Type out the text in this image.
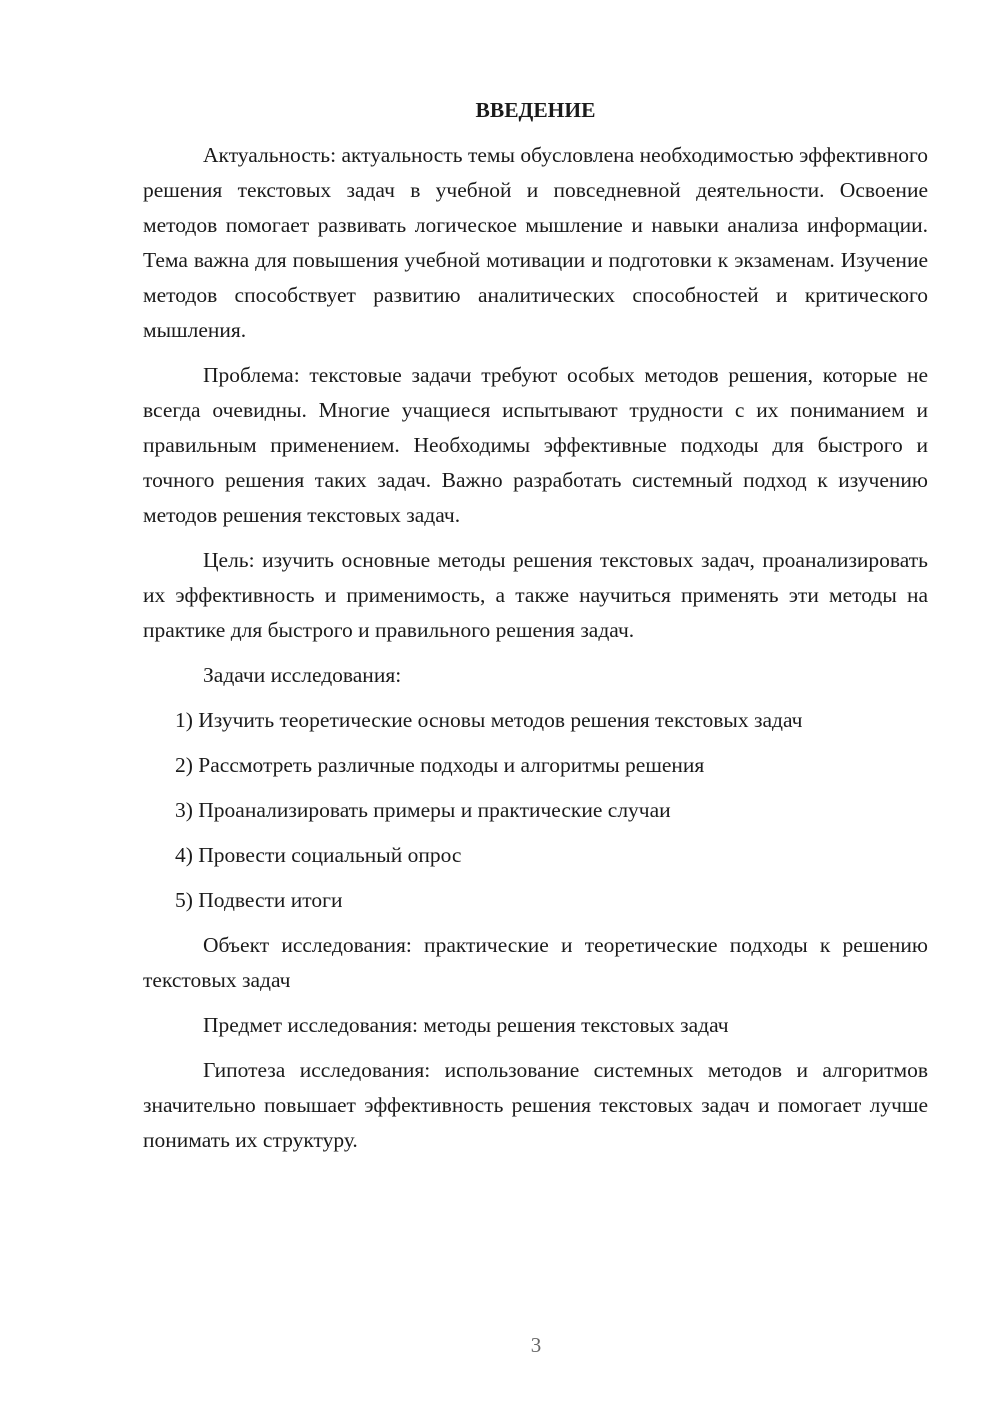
ВВЕДЕНИЕ

Актуальность: актуальность темы обусловлена необходимостью эффективного решения текстовых задач в учебной и повседневной деятельности. Освоение методов помогает развивать логическое мышление и навыки анализа информации. Тема важна для повышения учебной мотивации и подготовки к экзаменам. Изучение методов способствует развитию аналитических способностей и критического мышления.

Проблема: текстовые задачи требуют особых методов решения, которые не всегда очевидны. Многие учащиеся испытывают трудности с их пониманием и правильным применением. Необходимы эффективные подходы для быстрого и точного решения таких задач. Важно разработать системный подход к изучению методов решения текстовых задач.

Цель: изучить основные методы решения текстовых задач, проанализировать их эффективность и применимость, а также научиться применять эти методы на практике для быстрого и правильного решения задач.

Задачи исследования:

1) Изучить теоретические основы методов решения текстовых задач

2) Рассмотреть различные подходы и алгоритмы решения

3) Проанализировать примеры и практические случаи

4) Провести социальный опрос

5) Подвести итоги

Объект исследования: практические и теоретические подходы к решению текстовых задач

Предмет исследования: методы решения текстовых задач

Гипотеза исследования: использование системных методов и алгоритмов значительно повышает эффективность решения текстовых задач и помогает лучше понимать их структуру.

3
